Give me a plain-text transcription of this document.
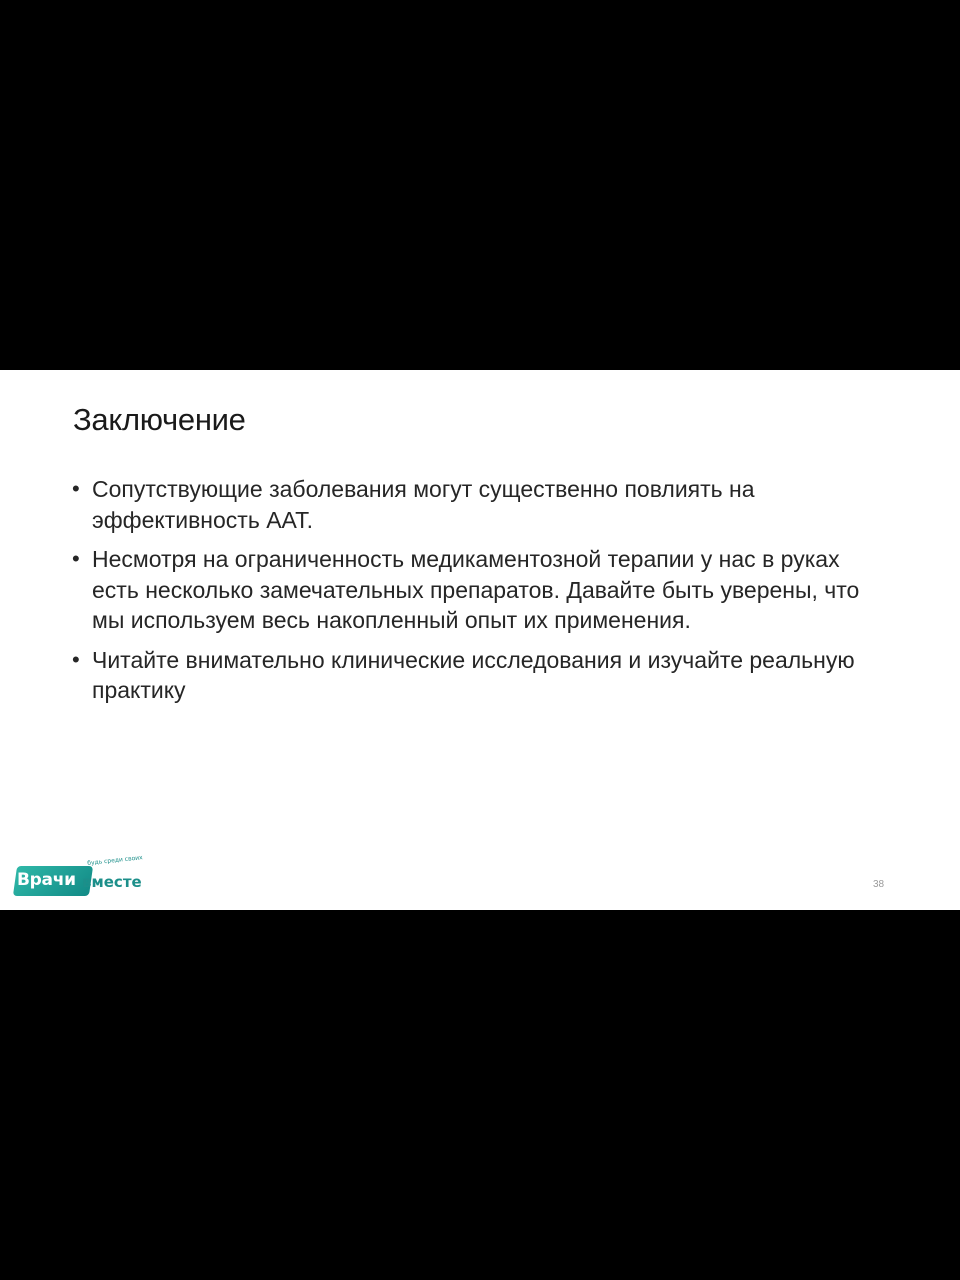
Заключение
• Сопутствующие заболевания могут существенно повлиять на эффективность ААТ.
• Несмотря на ограниченность медикаментозной терапии у нас в руках есть несколько замечательных препаратов. Давайте быть уверены, что мы используем весь накопленный опыт их применения.
• Читайте внимательно клинические исследования и изучайте реальную практику
Врачи вместе
будь среди своих
38
